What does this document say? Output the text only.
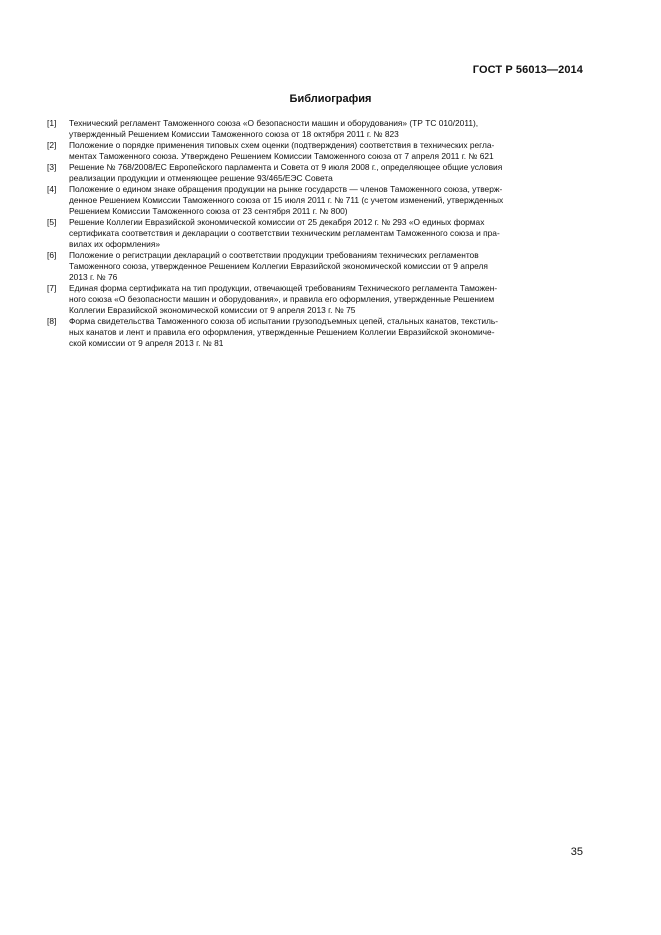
ГОСТ Р 56013—2014
Библиография
[1]	Технический регламент Таможенного союза «О безопасности машин и оборудования» (ТР ТС 010/2011),
утвержденный Решением Комиссии Таможенного союза от 18 октября 2011 г. № 823
[2]	Положение о порядке применения типовых схем оценки (подтверждения) соответствия в технических регла-
ментах Таможенного союза. Утверждено Решением Комиссии Таможенного союза от 7 апреля 2011 г. № 621
[3]	Решение № 768/2008/ЕС Европейского парламента и Совета от 9 июля 2008 г., определяющее общие условия
реализации продукции и отменяющее решение 93/465/ЕЭС Совета
[4]	Положение о едином знаке обращения продукции на рынке государств — членов Таможенного союза, утверж-
денное Решением Комиссии Таможенного союза от 15 июля 2011 г. № 711 (с учетом изменений, утвержденных
Решением Комиссии Таможенного союза от 23 сентября 2011 г. № 800)
[5]	Решение Коллегии Евразийской экономической комиссии от 25 декабря 2012 г. № 293 «О единых формах
сертификата соответствия и декларации о соответствии техническим регламентам Таможенного союза и пра-
вилах их оформления»
[6]	Положение о регистрации деклараций о соответствии продукции требованиям технических регламентов
Таможенного союза, утвержденное Решением Коллегии Евразийской экономической комиссии от 9 апреля
2013 г. № 76
[7]	Единая форма сертификата на тип продукции, отвечающей требованиям Технического регламента Таможен-
ного союза «О безопасности машин и оборудования», и правила его оформления, утвержденные Решением
Коллегии Евразийской экономической комиссии от 9 апреля 2013 г. № 75
[8]	Форма свидетельства Таможенного союза об испытании грузоподъемных цепей, стальных канатов, текстиль-
ных канатов и лент и правила его оформления, утвержденные Решением Коллегии Евразийской экономиче-
ской комиссии от 9 апреля 2013 г. № 81
35
